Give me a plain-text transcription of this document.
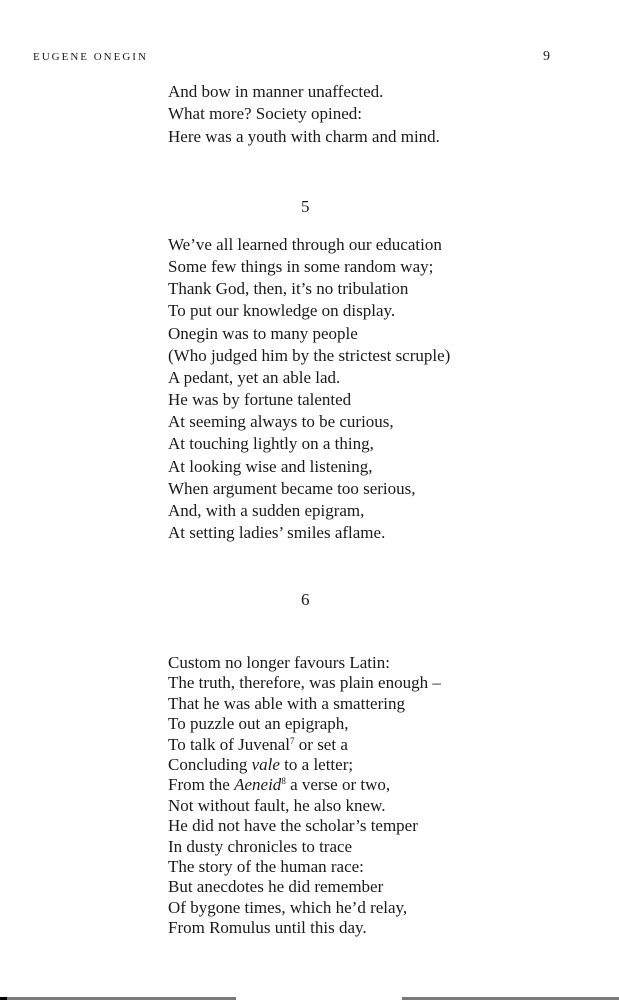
EUGENE ONEGIN	9
And bow in manner unaffected.
What more? Society opined:
Here was a youth with charm and mind.
5
We’ve all learned through our education
Some few things in some random way;
Thank God, then, it’s no tribulation
To put our knowledge on display.
Onegin was to many people
(Who judged him by the strictest scruple)
A pedant, yet an able lad.
He was by fortune talented
At seeming always to be curious,
At touching lightly on a thing,
At looking wise and listening,
When argument became too serious,
And, with a sudden epigram,
At setting ladies’ smiles aflame.
6
Custom no longer favours Latin:
The truth, therefore, was plain enough –
That he was able with a smattering
To puzzle out an epigraph,
To talk of Juvenal$^7$ or set a
Concluding vale to a letter;
From the Aeneid$^8$ a verse or two,
Not without fault, he also knew.
He did not have the scholar’s temper
In dusty chronicles to trace
The story of the human race:
But anecdotes he did remember
Of bygone times, which he’d relay,
From Romulus until this day.
